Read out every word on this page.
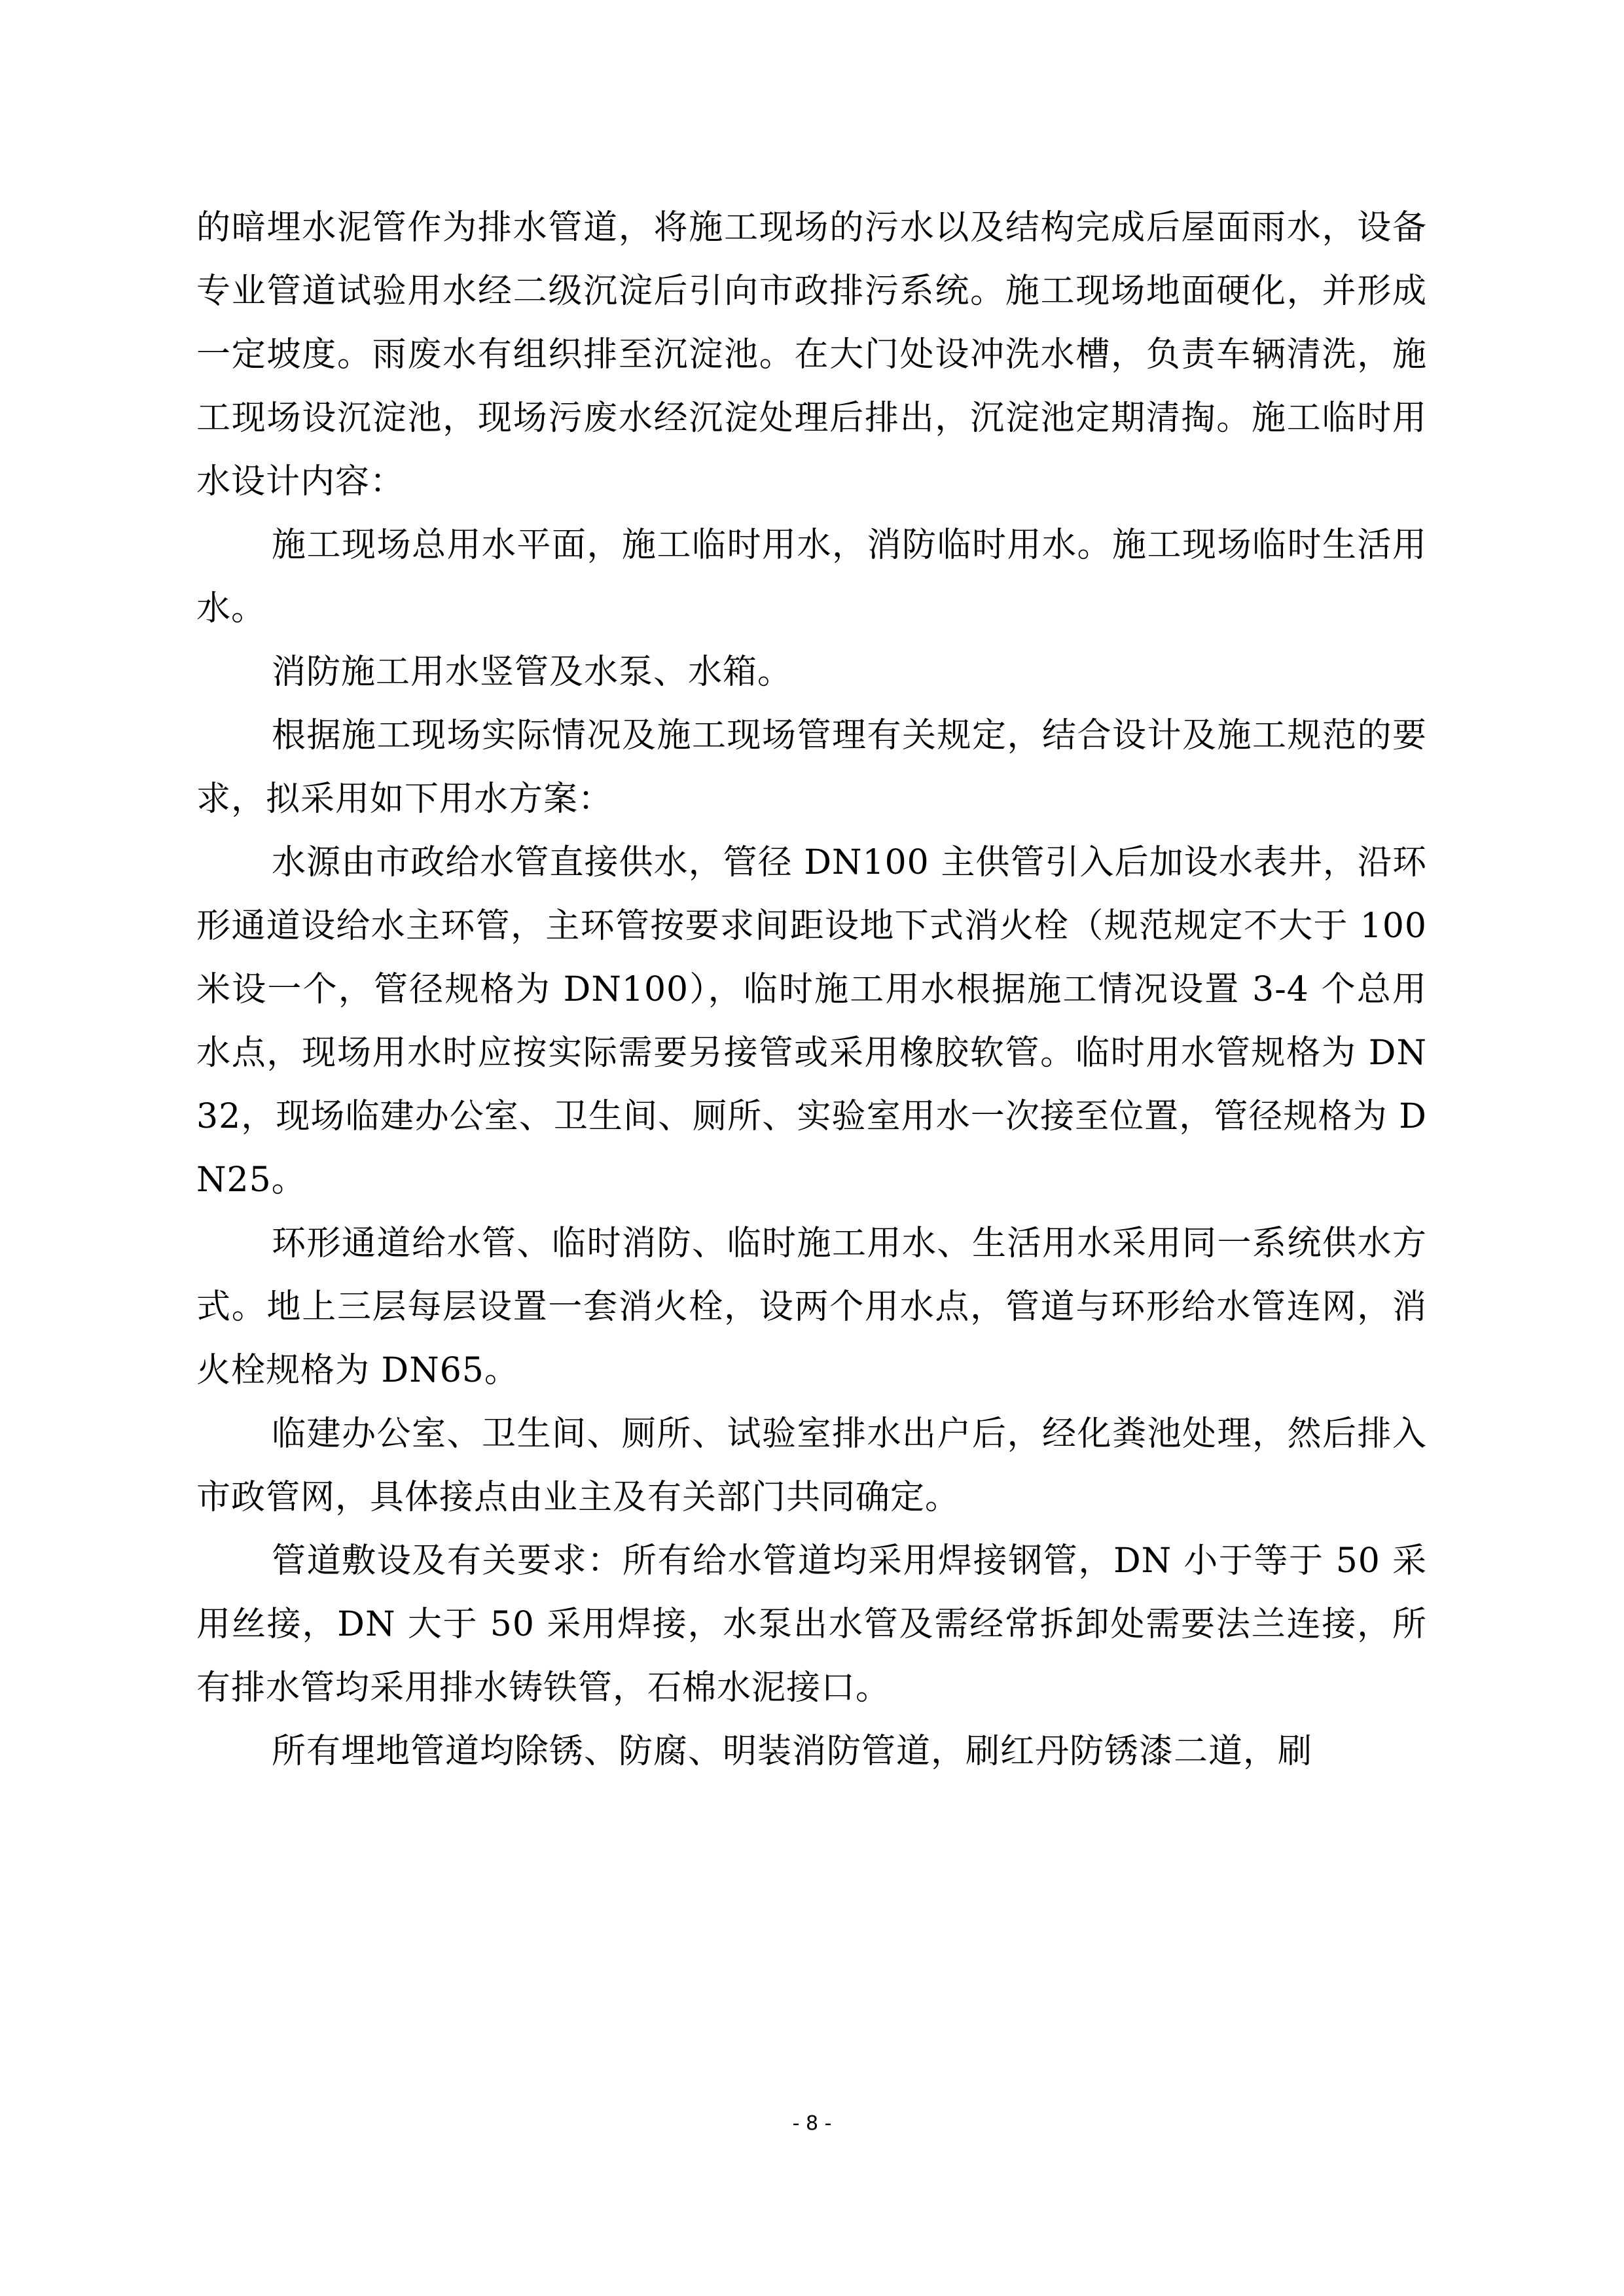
的暗埋水泥管作为排水管道，将施工现场的污水以及结构完成后屋面雨水，设备专业管道试验用水经二级沉淀后引向市政排污系统。施工现场地面硬化，并形成一定坡度。雨废水有组织排至沉淀池。在大门处设冲洗水槽，负责车辆清洗，施工现场设沉淀池，现场污废水经沉淀处理后排出，沉淀池定期清掏。施工临时用水设计内容：

施工现场总用水平面，施工临时用水，消防临时用水。施工现场临时生活用水。

消防施工用水竖管及水泵、水箱。

根据施工现场实际情况及施工现场管理有关规定，结合设计及施工规范的要求，拟采用如下用水方案：

水源由市政给水管直接供水，管径 DN100 主供管引入后加设水表井，沿环形通道设给水主环管，主环管按要求间距设地下式消火栓（规范规定不大于 100 米设一个，管径规格为 DN100），临时施工用水根据施工情况设置 3-4 个总用水点，现场用水时应按实际需要另接管或采用橡胶软管。临时用水管规格为 DN32，现场临建办公室、卫生间、厕所、实验室用水一次接至位置，管径规格为 DN25。

环形通道给水管、临时消防、临时施工用水、生活用水采用同一系统供水方式。地上三层每层设置一套消火栓，设两个用水点，管道与环形给水管连网，消火栓规格为 DN65。

临建办公室、卫生间、厕所、试验室排水出户后，经化粪池处理，然后排入市政管网，具体接点由业主及有关部门共同确定。

管道敷设及有关要求：所有给水管道均采用焊接钢管，DN 小于等于 50 采用丝接，DN 大于 50 采用焊接，水泵出水管及需经常拆卸处需要法兰连接，所有排水管均采用排水铸铁管，石棉水泥接口。

所有埋地管道均除锈、防腐、明装消防管道，刷红丹防锈漆二道，刷

- 8 -
